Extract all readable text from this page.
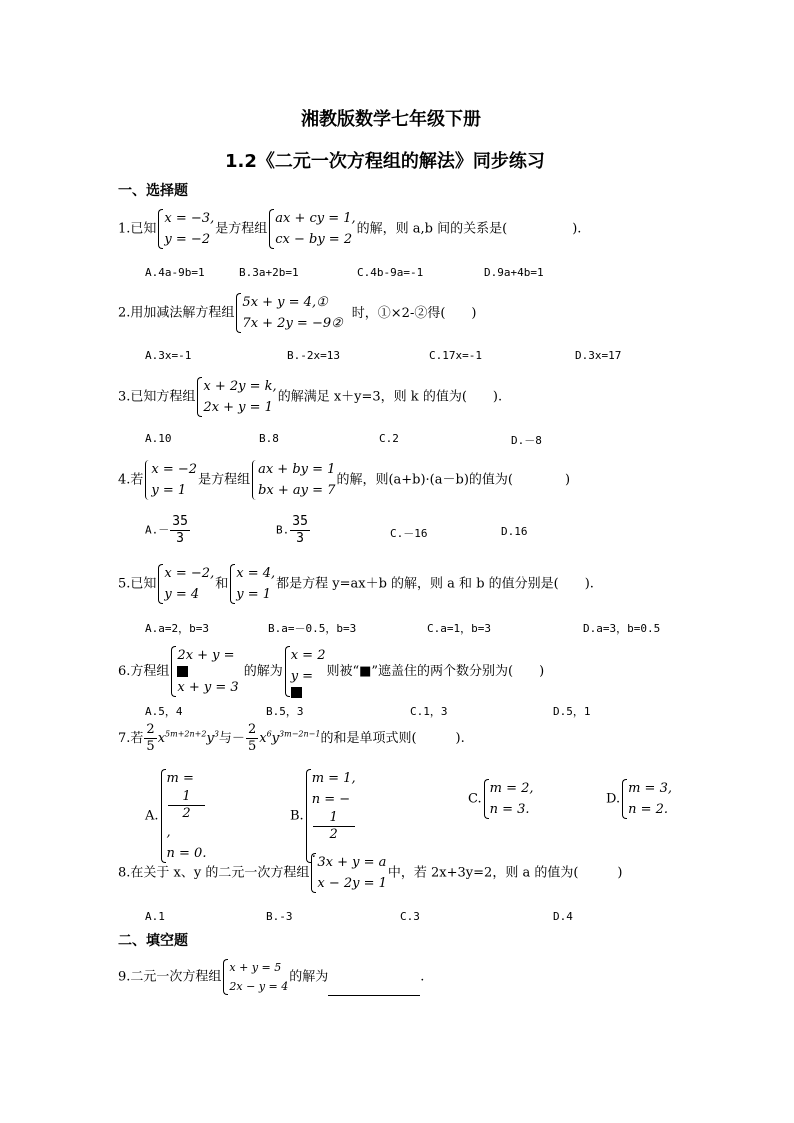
湘教版数学七年级下册
1.2《二元一次方程组的解法》同步练习
一、选择题
1.已知
x = −3,
y = −2
是方程组
ax + cy = 1,
cx − by = 2
的解，则 a,b 间的关系是(　　　　　).
A.4a-9b=1	B.3a+2b=1	C.4b-9a=-1	D.9a+4b=1
2.用加减法解方程组
5x + y = 4,①
7x + 2y = −9②
时，①×2-②得(　　)
A.3x=-1	B.-2x=13	C.17x=-1	D.3x=17
3.已知方程组
x + 2y = k,
2x + y = 1
的解满足 x＋y=3，则 k 的值为(　　).
A.10	B.8	C.2	D.－8
4.若
x = −2
y = 1
是方程组
ax + by = 1
bx + ay = 7
的解，则(a+b)·(a－b)的值为(　　　　)
$A.- \frac{35}{3}$	B. $\frac{35}{3}$	C.－16	D.16
5.已知
x = −2,
y = 4
和
x = 4,
y = 1
都是方程 y=ax＋b 的解，则 a 和 b 的值分别是(　　).
A.a=2，b=3	B.a=－0.5，b=3	C.a=1，b=3	D.a=3，b=0.5
6.方程组
2x + y =
x + y = 3
的解为
x = 2
y =	则被“■”遮盖住的两个数分别为(　　)
A.5，4	B.5，3	C.1，3	D.5，1
7.若 $\frac{2}{5} x^{5m+2n+2}y^3$与－ $\frac{2}{5} x^6y^{3m-2n-1}$的和是单项式则(　　　).
A.
m =
1
2
,
n = 0.
B.
m = 1,
n = −
1
2
.
C.
m = 2,
n = 3.
D.
m = 3,
n = 2.
8.在关于 x、y 的二元一次方程组
3x + y = a
x − 2y = 1
中，若 2x+3y=2，则 a 的值为(　　　)
A.1	B.-3	C.3	D.4
二、填空题
9.二元一次方程组
x + y = 5
2x − y = 4
的解为	.
